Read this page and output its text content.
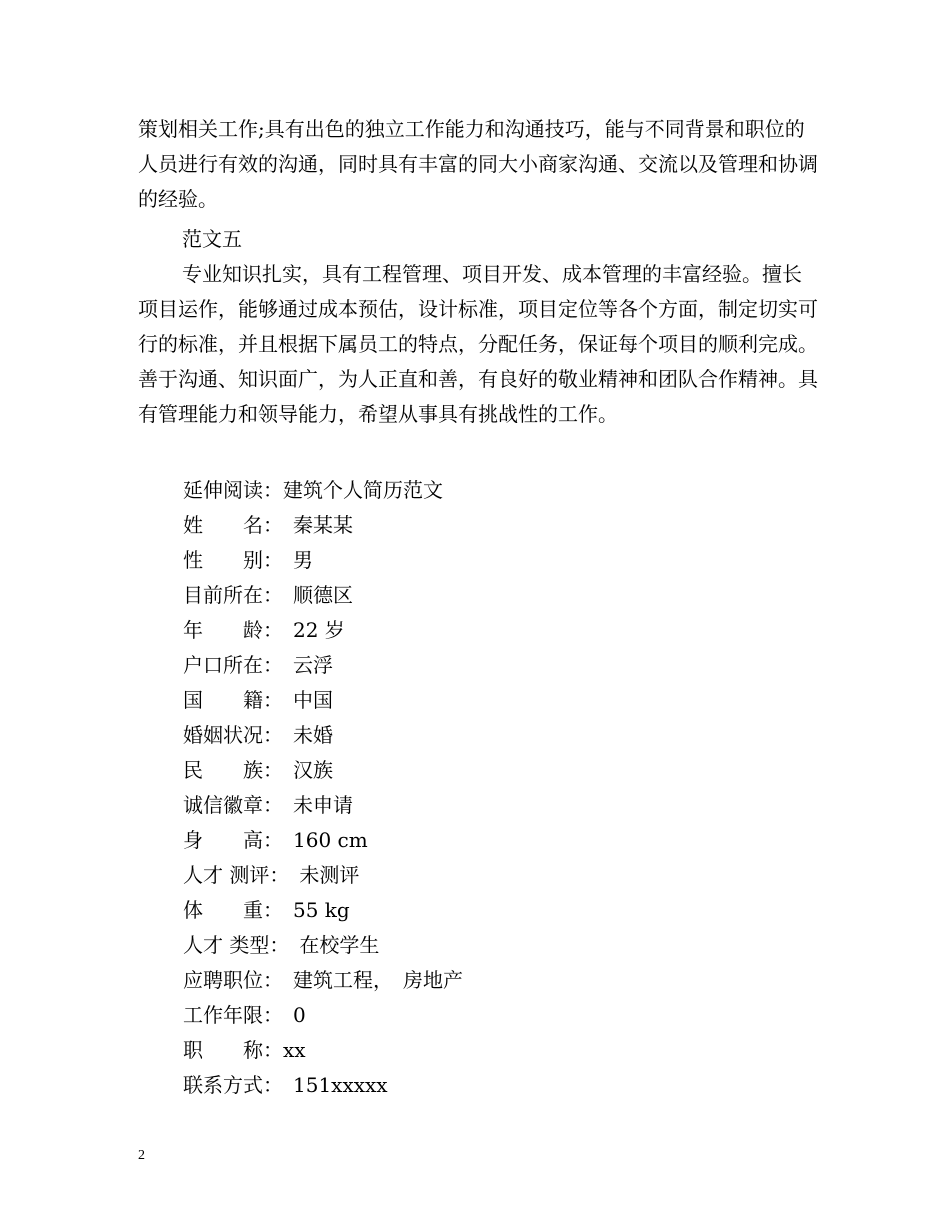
策划相关工作;具有出色的独立工作能力和沟通技巧，能与不同背景和职位的人员进行有效的沟通，同时具有丰富的同大小商家沟通、交流以及管理和协调的经验。

范文五

专业知识扎实，具有工程管理、项目开发、成本管理的丰富经验。擅长项目运作，能够通过成本预估，设计标准，项目定位等各个方面，制定切实可行的标准，并且根据下属员工的特点，分配任务，保证每个项目的顺利完成。善于沟通、知识面广，为人正直和善，有良好的敬业精神和团队合作精神。具有管理能力和领导能力，希望从事具有挑战性的工作。

延伸阅读：建筑个人简历范文
姓　　名：　秦某某
性　　别：　男
目前所在：　顺德区
年　　龄：　22 岁
户口所在：　云浮
国　　籍：　中国
婚姻状况：　未婚
民　　族：　汉族
诚信徽章：　未申请
身　　高：　160 cm
人才 测评：　未测评
体　　重：　55 kg
人才 类型：　在校学生
应聘职位：　建筑工程，　房地产
工作年限：　0
职　　称：xx
联系方式：　151xxxxx
2
